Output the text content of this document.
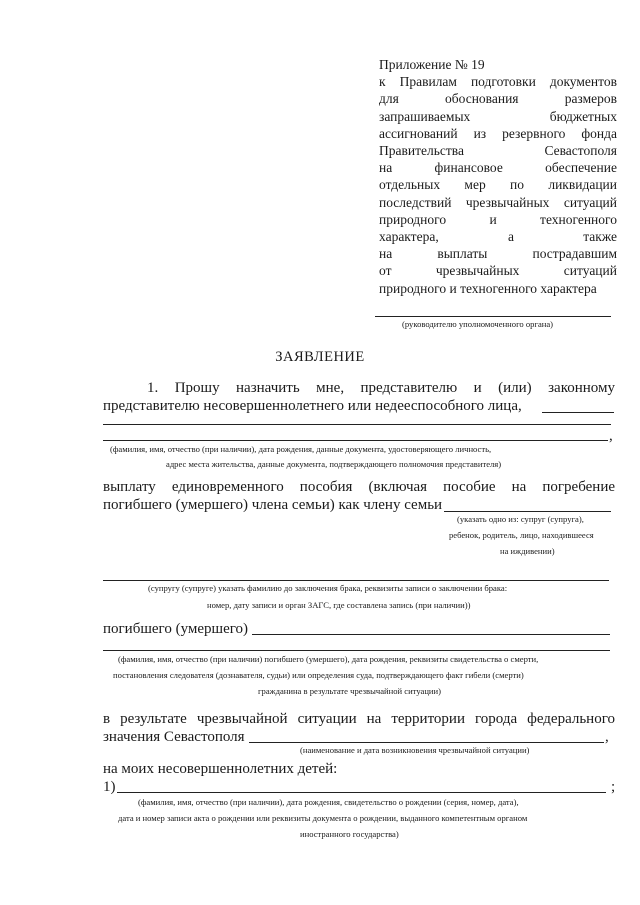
Приложение № 19
к Правилам подготовки документов
для обоснования размеров
запрашиваемых бюджетных
ассигнований из резервного фонда
Правительства Севастополя
на финансовое обеспечение
отдельных мер по ликвидации
последствий чрезвычайных ситуаций
природного и техногенного
характера, а также
на выплаты пострадавшим
от чрезвычайных ситуаций
природного и техногенного характера
(руководителю уполномоченного органа)
ЗАЯВЛЕНИЕ
1. Прошу назначить мне, представителю и (или) законному
представителю несовершеннолетнего или недееспособного лица,
,
(фамилия, имя, отчество (при наличии), дата рождения, данные документа, удостоверяющего личность,
адрес места жительства, данные документа, подтверждающего полномочия представителя)
выплату единовременного пособия (включая пособие на погребение
погибшего (умершего) члена семьи) как члену семьи
(указать одно из: супруг (супруга),
ребенок, родитель, лицо, находившееся
на иждивении)
(супругу (супруге) указать фамилию до заключения брака, реквизиты записи о заключении брака:
номер, дату записи и орган ЗАГС, где составлена запись (при наличии))
погибшего (умершего)
(фамилия, имя, отчество (при наличии) погибшего (умершего), дата рождения, реквизиты свидетельства о смерти,
постановления следователя (дознавателя, судьи) или определения суда, подтверждающего факт гибели (смерти)
гражданина в результате чрезвычайной ситуации)
в результате чрезвычайной ситуации на территории города федерального
значения Севастополя	,
(наименование и дата возникновения чрезвычайной ситуации)
на моих несовершеннолетних детей:
1)	;
(фамилия, имя, отчество (при наличии), дата рождения, свидетельство о рождении (серия, номер, дата),
дата и номер записи акта о рождении или реквизиты документа о рождении, выданного компетентным органом
иностранного государства)
